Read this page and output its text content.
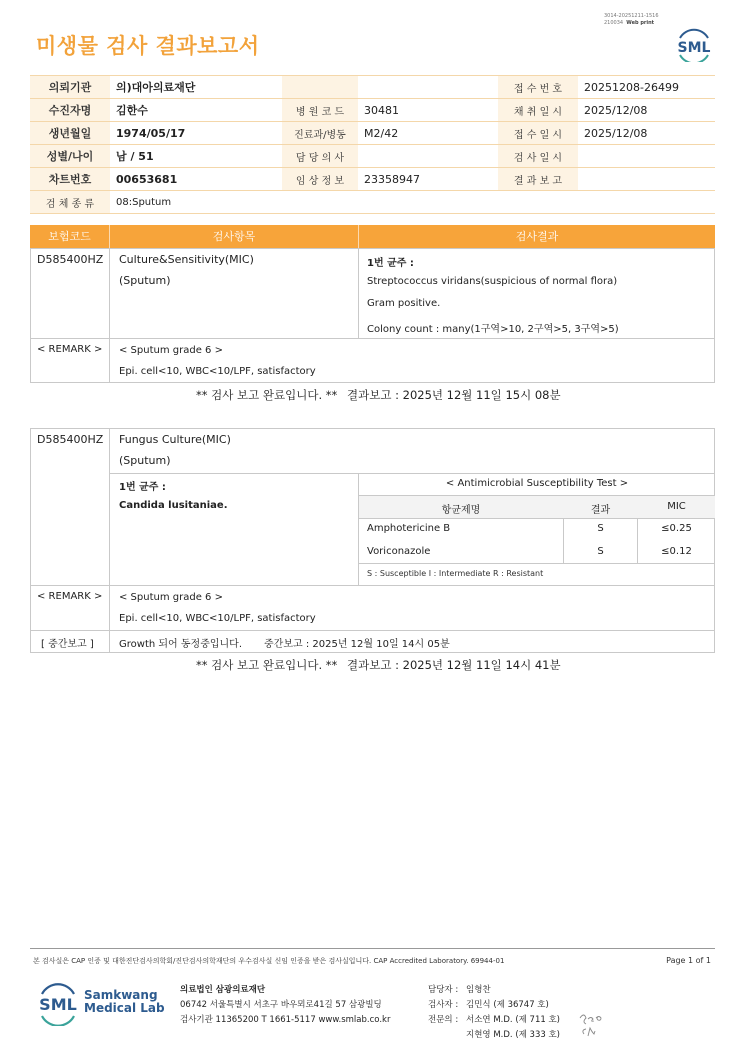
미생물 검사 결과보고서
3014-20251211-1516
210034 Web print
SML
의뢰기관	의)대아의료재단			접 수 번 호	20251208-26499
수진자명	김한수	병 원 코 드	30481	채 취 일 시	2025/12/08
생년월일	1974/05/17	진료과/병동	M2/42	접 수 일 시	2025/12/08
성별/나이	남 / 51	담 당 의 사		검 사 일 시	
차트번호	00653681	임 상 정 보	23358947	결 과 보 고	
검 체 종 류	08:Sputum				
보험코드	검사항목	검사결과
D585400HZ Culture&Sensitivity(MIC)
(Sputum)
1번 균주 :
Streptococcus viridans(suspicious of normal flora)
Gram positive.
Colony count : many(1구역>10, 2구역>5, 3구역>5)
< REMARK > < Sputum grade 6 >
Epi. cell<10, WBC<10/LPF, satisfactory
** 검사 보고 완료입니다. ** 결과보고 : 2025년 12월 11일 15시 08분
D585400HZ Fungus Culture(MIC)
(Sputum)
1번 균주 :
Candida lusitaniae.
< Antimicrobial Susceptibility Test >
항균제명	결과	MIC
Amphotericine B	S	≤0.25
Voriconazole	S	≤0.12
S : Susceptible I : Intermediate R : Resistant
< REMARK > < Sputum grade 6 >
Epi. cell<10, WBC<10/LPF, satisfactory
[ 중간보고 ]	Growth 되어 동정중입니다. 중간보고 : 2025년 12월 10일 14시 05분
** 검사 보고 완료입니다. ** 결과보고 : 2025년 12월 11일 14시 41분
본 검사실은 CAP 인증 및 대한진단검사의학회/진단검사의학재단의 우수검사실 신임 인증을 받은 검사실입니다. CAP Accredited Laboratory. 69944-01	Page 1 of 1
SML Samkwang
Medical Lab
의료법인 삼광의료재단
06742 서울특별시 서초구 바우뫼로41길 57 삼광빌딩
검사기관 11365200 T 1661-5117 www.smlab.co.kr
담당자 : 임형찬
검사자 : 김민식 (제 36747 호)
전문의 : 서소연 M.D. (제 711 호)
지현영 M.D. (제 333 호)
